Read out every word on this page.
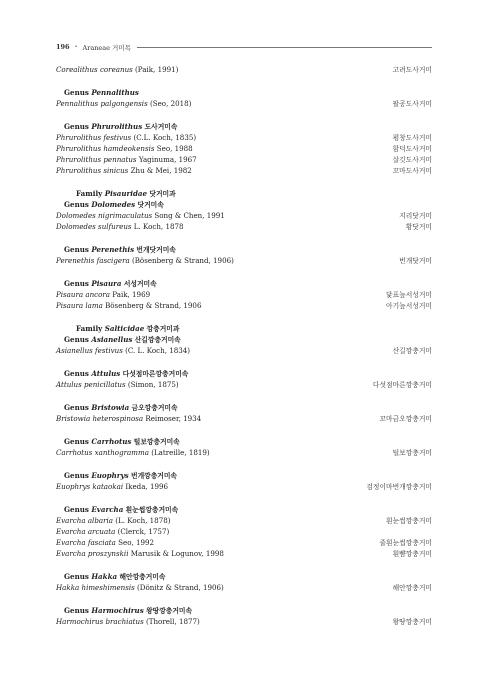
196 • Araneae 거미목
Corealithus coreanus (Paik, 1991)	고려도사거미
Genus Pennalithus
Pennalithus palgongensis (Seo, 2018)	팔공도사거미
Genus Phrurolithus 도사거미속
Phrurolithus festivus (C.L. Koch, 1835)	평창도사거미
Phrurolithus hamdeokensis Seo, 1988	함덕도사거미
Phrurolithus pennatus Yaginuma, 1967	살깃도사거미
Phrurolithus sinicus Zhu & Mei, 1982	꼬마도사거미
Family Pisauridae 닷거미과
Genus Dolomedes 닷거미속
Dolomedes nigrimaculatus Song & Chen, 1991	지리닷거미
Dolomedes sulfureus L. Koch, 1878	황닷거미
Genus Perenethis 번개닷거미속
Perenethis fascigera (Bösenberg & Strand, 1906)	번개닷거미
Genus Pisaura 서성거미속
Pisaura ancora Paik, 1969	닻표늪서성거미
Pisaura lama Bösenberg & Strand, 1906	아기늪서성거미
Family Salticidae 깡충거미과
Genus Asianellus 산길깡충거미속
Asianellus festivus (C. L. Koch, 1834)	산길깡충거미
Genus Attulus 다섯점마른깡충거미속
Attulus penicillatus (Simon, 1875)	다섯점마른깡충거미
Genus Bristowia 금오깡충거미속
Bristowia heterospinosa Reimoser, 1934	꼬마금오깡충거미
Genus Carrhotus 털보깡충거미속
Carrhotus xanthogramma (Latreille, 1819)	털보깡충거미
Genus Euophrys 번개깡충거미속
Euophrys kataokai Ikeda, 1996	검정이마번개깡충거미
Genus Evarcha 흰눈썹깡충거미속
Evarcha albaria (L. Koch, 1878)	흰눈썹깡충거미
Evarcha arcuata (Clerck, 1757)
Evarcha fasciata Seo, 1992	줄흰눈썹깡충거미
Evarcha proszynskii Marusik & Logunov, 1998	흰뺨깡충거미
Genus Hakka 해안깡충거미속
Hakka himeshimensis (Dönitz & Strand, 1906)	해안깡충거미
Genus Harmochirus 왕땅깡충거미속
Harmochirus brachiatus (Thorell, 1877)	왕땅깡충거미
